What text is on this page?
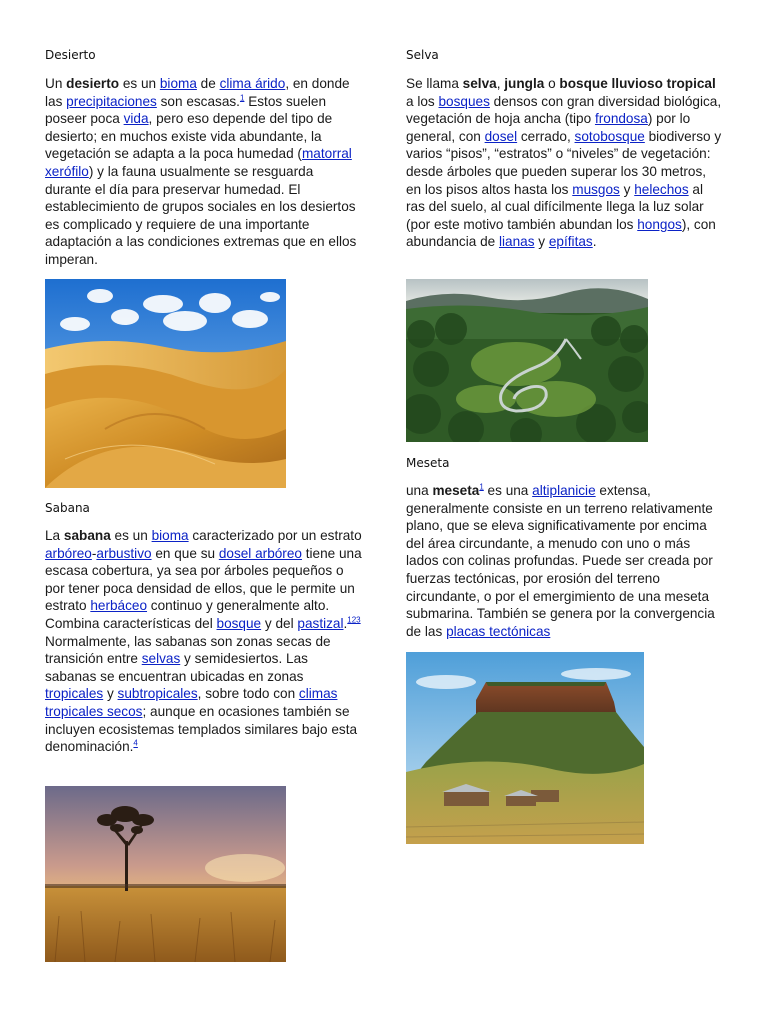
Desierto

Un desierto es un bioma de clima árido, en donde las precipitaciones son escasas.$^1$ Estos suelen poseer poca vida, pero eso depende del tipo de desierto; en muchos existe vida abundante, la vegetación se adapta a la poca humedad (matorral xerófilo) y la fauna usualmente se resguarda durante el día para preservar humedad. El establecimiento de grupos sociales en los desiertos es complicado y requiere de una importante adaptación a las condiciones extremas que en ellos imperan.

Sabana

La sabana es un bioma caracterizado por un estrato arbóreo-arbustivo en que su dosel arbóreo tiene una escasa cobertura, ya sea por árboles pequeños o por tener poca densidad de ellos, que le permite un estrato herbáceo continuo y generalmente alto. Combina características del bosque y del pastizal.$^{123}$ Normalmente, las sabanas son zonas secas de transición entre selvas y semidesiertos. Las sabanas se encuentran ubicadas en zonas tropicales y subtropicales, sobre todo con climas tropicales secos; aunque en ocasiones también se incluyen ecosistemas templados similares bajo esta denominación.$^4$

Selva

Se llama selva, jungla o bosque lluvioso tropical a los bosques densos con gran diversidad biológica, vegetación de hoja ancha (tipo frondosa) por lo general, con dosel cerrado, sotobosque biodiverso y varios “pisos”, “estratos” o “niveles” de vegetación: desde árboles que pueden superar los 30 metros, en los pisos altos hasta los musgos y helechos al ras del suelo, al cual difícilmente llega la luz solar (por este motivo también abundan los hongos), con abundancia de lianas y epífitas.

Meseta

una meseta$^1$ es una altiplanicie extensa, generalmente consiste en un terreno relativamente plano, que se eleva significativamente por encima del área circundante, a menudo con uno o más lados con colinas profundas. Puede ser creada por fuerzas tectónicas, por erosión del terreno circundante, o por el emergimiento de una meseta submarina. También se genera por la convergencia de las placas tectónicas
